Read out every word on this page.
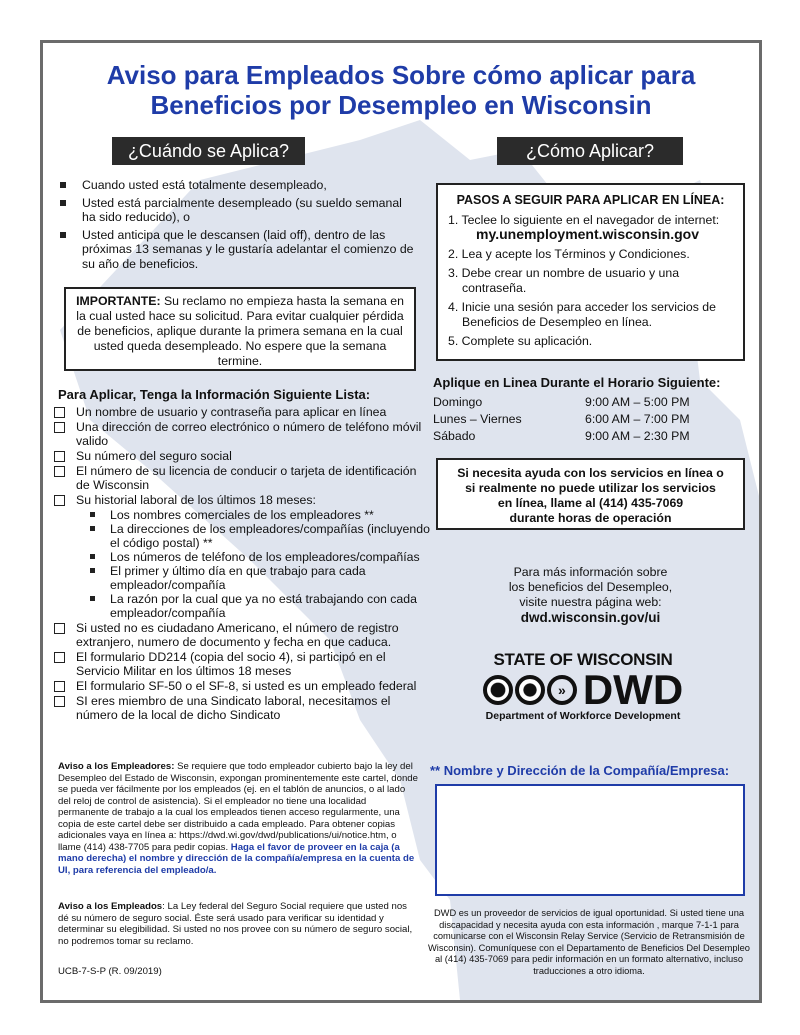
Aviso para Empleados Sobre cómo aplicar para
Beneficios por Desempleo en Wisconsin
¿Cuándo se Aplica?	¿Cómo Aplicar?
Cuando usted está totalmente desempleado,
Usted está parcialmente desempleado (su sueldo semanal ha sido reducido), o
Usted anticipa que le descansen (laid off), dentro de las próximas 13 semanas y le gustaría adelantar el comienzo de su año de beneficios.
IMPORTANTE: Su reclamo no empieza hasta la semana en la cual usted hace su solicitud. Para evitar cualquier pérdida de beneficios, aplique durante la primera semana en la cual usted queda desempleado. No espere que la semana termine.
Para Aplicar, Tenga la Información Siguiente Lista:
Un nombre de usuario y contraseña para aplicar en línea
Una dirección de correo electrónico o número de teléfono móvil valido
Su número del seguro social
El número de su licencia de conducir o tarjeta de identificación de Wisconsin
Su historial laboral de los últimos 18 meses:
Los nombres comerciales de los empleadores **
La direcciones de los empleadores/compañías (incluyendo el código postal) **
Los números de teléfono de los empleadores/compañías
El primer y último día en que trabajo para cada empleador/compañía
La razón por la cual que ya no está trabajando con cada empleador/compañía
Si usted no es ciudadano Americano, el número de registro extranjero, numero de documento y fecha en que caduca.
El formulario DD214 (copia del socio 4), si participó en el Servicio Militar en los últimos 18 meses
El formulario SF-50 o el SF-8, si usted es un empleado federal
SI eres miembro de una Sindicato laboral, necesitamos el número de la local de dicho Sindicato
PASOS A SEGUIR PARA APLICAR EN LÍNEA:
1. Teclee lo siguiente en el navegador de internet:
my.unemployment.wisconsin.gov
2. Lea y acepte los Términos y Condiciones.
3. Debe crear un nombre de usuario y una contraseña.
4. Inicie una sesión para acceder los servicios de Beneficios de Desempleo en línea.
5. Complete su aplicación.
Aplique en Linea Durante el Horario Siguiente:
Domingo	9:00 AM – 5:00 PM
Lunes – Viernes	6:00 AM – 7:00 PM
Sábado	9:00 AM – 2:30 PM
Si necesita ayuda con los servicios en línea o
si realmente no puede utilizar los servicios
en línea, llame al (414) 435-7069
durante horas de operación
Para más información sobre
los beneficios del Desempleo,
visite nuestra página web:
dwd.wisconsin.gov/ui
STATE OF WISCONSIN
» DWD
Department of Workforce Development
** Nombre y Dirección de la Compañía/Empresa:
Aviso a los Empleadores: Se requiere que todo empleador cubierto bajo la ley del Desempleo del Estado de Wisconsin, expongan prominentemente este cartel, donde se pueda ver fácilmente por los empleados (ej. en el tablón de anuncios, o al lado del reloj de control de asistencia). Si el empleador no tiene una localidad permanente de trabajo a la cual los empleados tienen acceso regularmente, una copia de este cartel debe ser distribuido a cada empleado. Para obtener copias adicionales vaya en línea a: https://dwd.wi.gov/dwd/publications/ui/notice.htm, o llame (414) 438-7705 para pedir copias. Haga el favor de proveer en la caja (a mano derecha) el nombre y dirección de la compañía/empresa en la cuenta de UI, para referencia del empleado/a.
Aviso a los Empleados: La Ley federal del Seguro Social requiere que usted nos dé su número de seguro social. Éste será usado para verificar su identidad y determinar su elegibilidad. Si usted no nos provee con su número de seguro social, no podremos tomar su reclamo.
UCB-7-S-P (R. 09/2019)
DWD es un proveedor de servicios de igual oportunidad. Si usted tiene una discapacidad y necesita ayuda con esta información , marque 7-1-1 para comunicarse con el Wisconsin Relay Service (Servicio de Retransmisión de Wisconsin). Comuníquese con el Departamento de Beneficios Del Desempleo al (414) 435-7069 para pedir información en un formato alternativo, incluso traducciones a otro idioma.
